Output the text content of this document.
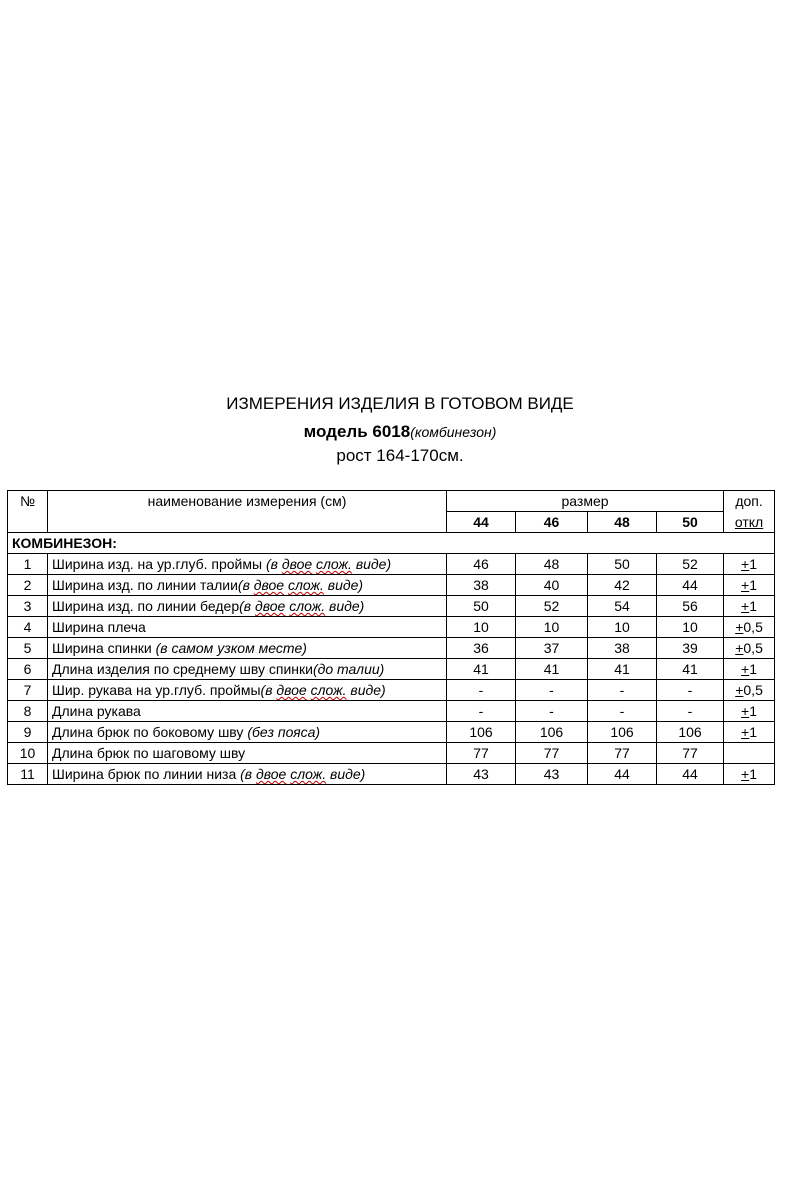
ИЗМЕРЕНИЯ ИЗДЕЛИЯ В ГОТОВОМ ВИДЕ
модель 6018(комбинезон)
рост 164-170см.
№	наименование измерения (см)	размер				доп.
		44	46	48	50	откл
КОМБИНЕЗОН:						
1	Ширина изд. на ур.глуб. проймы (в двое слож. виде)	46	48	50	52	+1
2	Ширина изд. по линии талии(в двое слож. виде)	38	40	42	44	+1
3	Ширина изд. по линии бедер(в двое слож. виде)	50	52	54	56	+1
4	Ширина плеча	10	10	10	10	+0,5
5	Ширина спинки (в самом узком месте)	36	37	38	39	+0,5
6	Длина изделия по среднему шву спинки(до талии)	41	41	41	41	+1
7	Шир. рукава на ур.глуб. проймы(в двое слож. виде)	-	-	-	-	+0,5
8	Длина рукава	-	-	-	-	+1
9	Длина брюк по боковому шву (без пояса)	106	106	106	106	+1
10	Длина брюк по шаговому шву	77	77	77	77	
11	Ширина брюк по линии низа (в двое слож. виде)	43	43	44	44	+1
